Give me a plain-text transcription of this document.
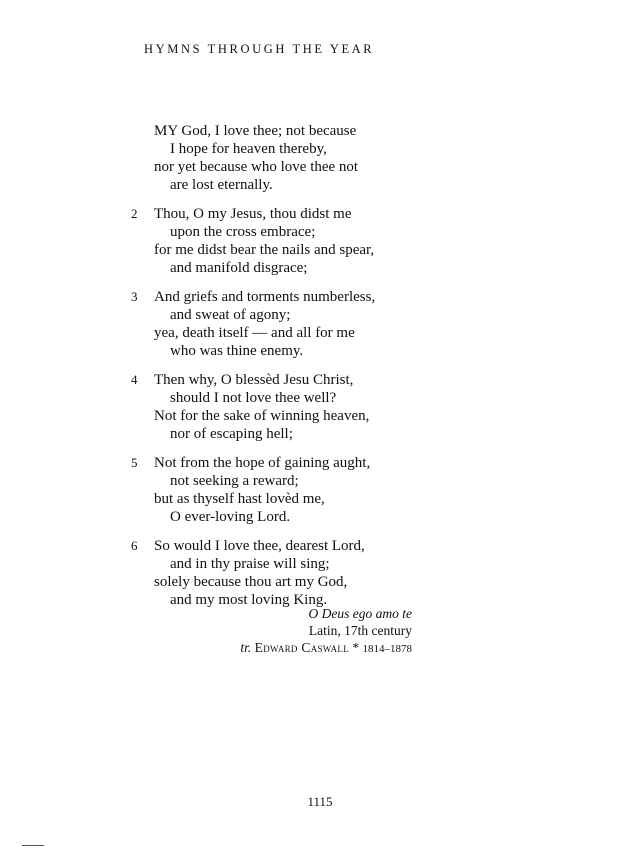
HYMNS THROUGH THE YEAR
MY God, I love thee; not because
I hope for heaven thereby,
nor yet because who love thee not
are lost eternally.
2	Thou, O my Jesus, thou didst me
upon the cross embrace;
for me didst bear the nails and spear,
and manifold disgrace;
3	And griefs and torments numberless,
and sweat of agony;
yea, death itself — and all for me
who was thine enemy.
4	Then why, O blessèd Jesu Christ,
should I not love thee well?
Not for the sake of winning heaven,
nor of escaping hell;
5	Not from the hope of gaining aught,
not seeking a reward;
but as thyself hast lovèd me,
O ever-loving Lord.
6	So would I love thee, dearest Lord,
and in thy praise will sing;
solely because thou art my God,
and my most loving King.
O Deus ego amo te
Latin, 17th century
tr. Edward Caswall * 1814–1878
1115
